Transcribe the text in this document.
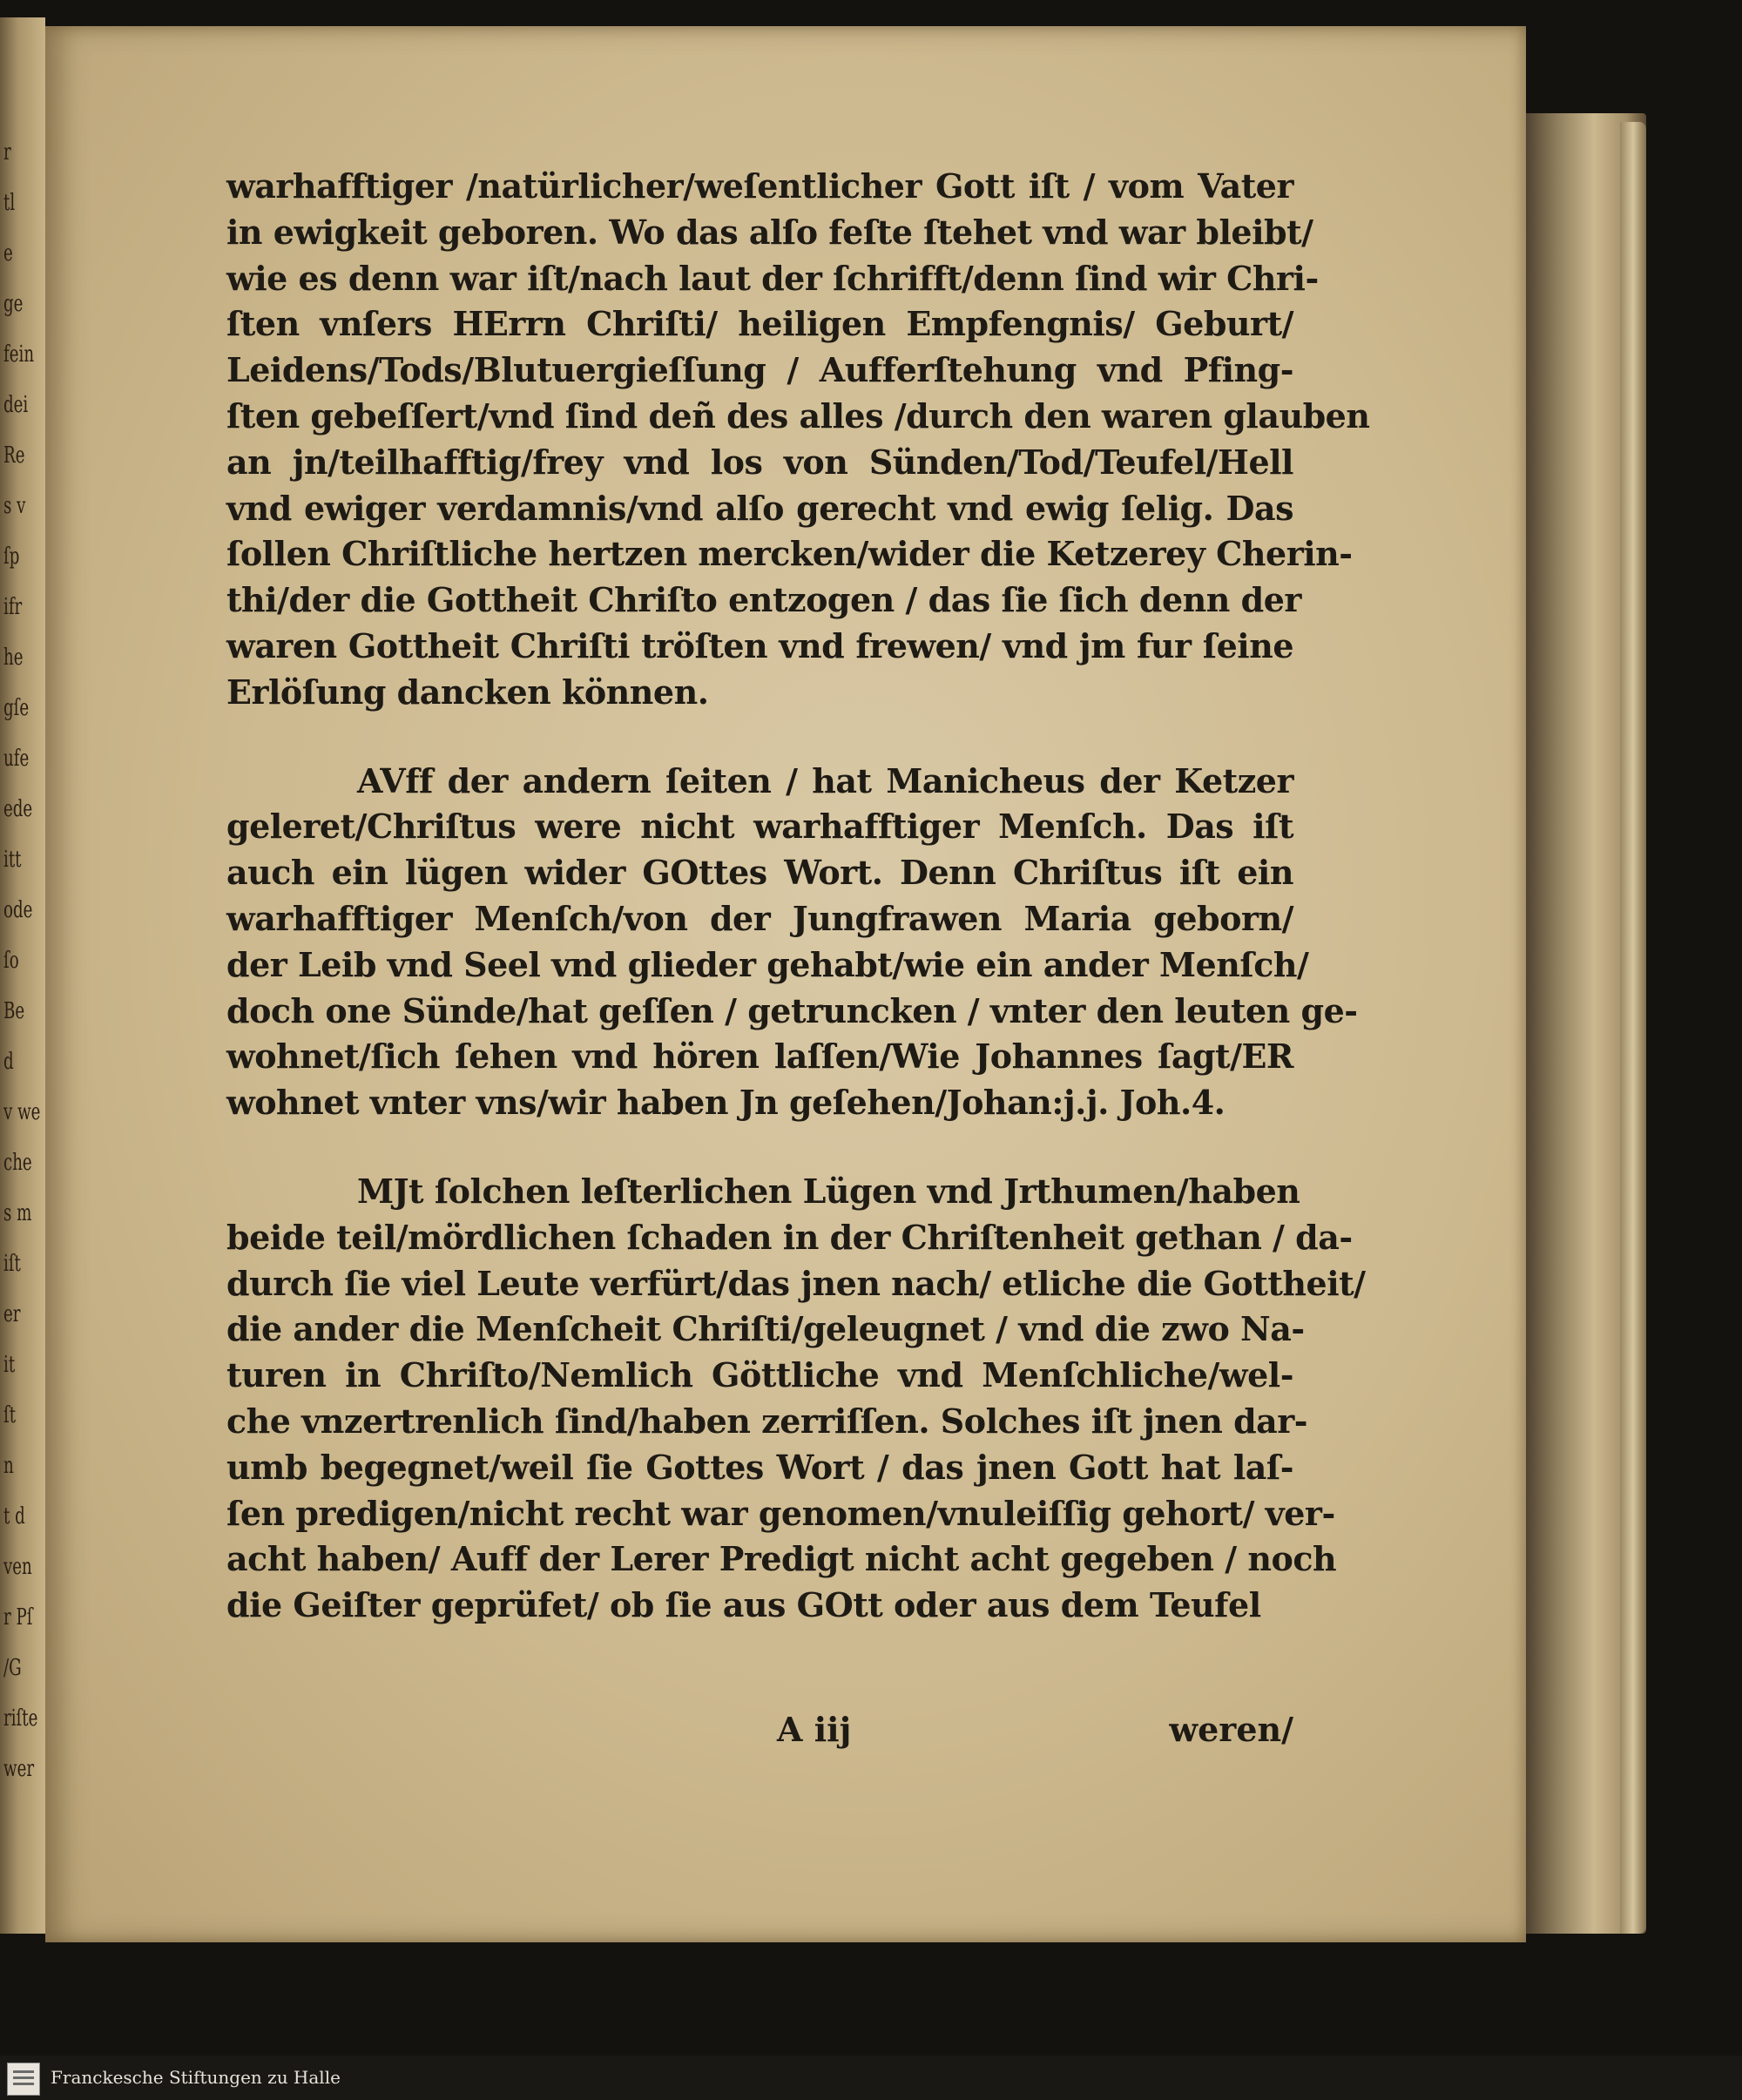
r
tl
e
ge
fein
dei
Re
s v
ſp
ifr
he
gſe
ufe
ede
itt
ode
ſo
Be
d
v we
che
s m
iſt
er
it
ſt
n
t d
ven
r Pſ
/G
riſte
wer
warhafftiger /natürlicher/weſentlicher Gott iſt / vom Vater
in ewigkeit geboren. Wo das alſo feſte ſtehet vnd war bleibt/
wie es denn war iſt/nach laut der ſchrifft/denn ſind wir Chri-
ſten vnſers HErrn Chriſti/ heiligen Empfengnis/ Geburt/
Leidens/Tods/Blutuergieſſung / Aufferſtehung vnd Pfing-
ſten gebeſſert/vnd ſind deñ des alles /durch den waren glauben
an jn/teilhafftig/frey vnd los von Sünden/Tod/Teufel/Hell
vnd ewiger verdamnis/vnd alſo gerecht vnd ewig ſelig. Das
ſollen Chriſtliche hertzen mercken/wider die Ketzerey Cherin-
thi/der die Gottheit Chriſto entzogen / das ſie ſich denn der
waren Gottheit Chriſti tröſten vnd frewen/ vnd jm fur ſeine
Erlöſung dancken können.
AVff der andern ſeiten / hat Manicheus der Ketzer
geleret/Chriſtus were nicht warhafftiger Menſch. Das iſt
auch ein lügen wider GOttes Wort. Denn Chriſtus iſt ein
warhafftiger Menſch/von der Jungfrawen Maria geborn/
der Leib vnd Seel vnd glieder gehabt/wie ein ander Menſch/
doch one Sünde/hat geſſen / getruncken / vnter den leuten ge-
wohnet/ſich ſehen vnd hören laſſen/Wie Johannes ſagt/ER
wohnet vnter vns/wir haben Jn geſehen/Johan:j.j. Joh.4.
MJt ſolchen leſterlichen Lügen vnd Jrthumen/haben
beide teil/mördlichen ſchaden in der Chriſtenheit gethan / da-
durch ſie viel Leute verfürt/das jnen nach/ etliche die Gottheit/
die ander die Menſcheit Chriſti/geleugnet / vnd die zwo Na-
turen in Chriſto/Nemlich Göttliche vnd Menſchliche/wel-
che vnzertrenlich ſind/haben zerriſſen. Solches iſt jnen dar-
umb begegnet/weil ſie Gottes Wort / das jnen Gott hat laſ-
ſen predigen/nicht recht war genomen/vnuleiſſig gehort/ ver-
acht haben/ Auff der Lerer Predigt nicht acht gegeben / noch
die Geiſter geprüfet/ ob ſie aus GOtt oder aus dem Teufel
A iij	weren/
Franckesche Stiftungen zu Halle
